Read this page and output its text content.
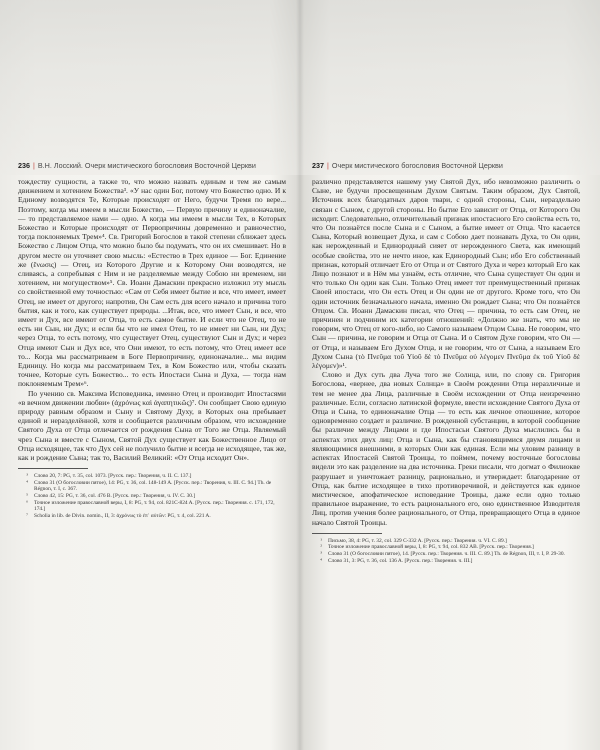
236 | В.Н. Лосский. Очерк мистического богословия Восточной Церкви

тождеству сущности, а также то, что можно назвать единым и тем же самым движением и хотением Божества³. «У нас один Бог, потому что Божество одно. И к Единому возводятся Те, Которые происходят от Него, будучи Тремя по вере... Поэтому, когда мы имеем в мысли Божество, — Первую причину и единоначалие, — то представляемое нами — одно. А когда мы имеем в мысли Тех, в Которых Божество и Которые происходят от Первопричины довременно и равночестно, тогда поклоняемых Трем»⁴. Св. Григорий Богослов в такой степени сближает здесь Божество с Лицом Отца, что можно было бы подумать, что он их смешивает. Но в другом месте он уточняет свою мысль: «Естество в Трех единое — Бог. Единение же (ἕνωσις) — Отец, из Которого Другие и к Которому Они возводятся, не сливаясь, а сопребывая с Ним и не разделяемые между Собою ни временем, ни хотением, ни могуществом»⁵. Св. Иоанн Дамаскин прекрасно изложил эту мысль со свойственной ему точностью: «Сам от Себя имеет бытие и все, что имеет, имеет Отец, не имеет от другого; напротив, Он Сам есть для всего начало и причина того бытия, как и того, как существует природы. ...Итак, все, что имеет Сын, и все, что имеет и Дух, все имеют от Отца, то есть самое бытие. И если что не Отец, то не есть ни Сын, ни Дух; и если бы что не имел Отец, то не имеет ни Сын, ни Дух; через Отца, то есть потому, что существует Отец, существуют Сын и Дух; и через Отца имеют Сын и Дух все, что Они имеют, то есть потому, что Отец имеет все то... Когда мы рассматриваем в Боге Первопричину, единоначалие... мы видим Единицу. Но когда мы рассматриваем Тех, в Ком Божество или, чтобы сказать точнее, Которые суть Божество... то есть Ипостаси Сына и Духа, — тогда нам поклоняемым Трем»⁶.

По учению св. Максима Исповедника, именно Отец и производит Ипостасями «в вечном движении любви» (ἀχρόνως καὶ ἀγαπητικῶς)⁷. Он сообщает Свою единую природу равным образом и Сыну и Святому Духу, в Которых она пребывает единой и неразделённой, хотя и сообщается различным образом, что исхождение Святого Духа от Отца отличается от рождения Сына от Того же Отца. Являемый чрез Сына и вместе с Сыном, Святой Дух существует как Божественное Лицо от Отца исходящее, так что Дух сей не получило бытие и всегда не исходящее, так же, как и рождение Сына; так то, Василий Великий: «От Отца исходит Он».

³ Слово 20, 7: PG, т. 35, col. 1073. [Русск. пер.: Творения, ч. II. С. 137.]
⁴ Слово 31 (О богословии пятое), 14: PG, т. 36, col. 148-149 A. [Русск. пер.: Творения, ч. III. С. 94.] Th. de Régnon, т. I, с. 367.
⁵ Слово 42, 15: PG, т. 36, col. 476 B. [Русск. пер.: Творения, ч. IV. С. 30.]
⁶ Точное изложение православной веры, I, 8: PG, т. 94, col. 821C-824 A. [Русск. пер.: Творения. с. 171, 172, 174.]
⁷ Scholia in lib. de Divin. nomin., II, 3: ἀχρόνως τὸ ἐπ᾽ αὐτῶν: PG, т. 4, col. 221 A.
237 | Очерк мистического богословия Восточной Церкви

различно представляется нашему уму Святой Дух, ибо невозможно различить о Сыне, не будучи просвещенным Духом Святым. Таким образом, Дух Святой, Источник всех благодатных даров твари, с одной стороны, Сын, нераздельно связан с Сыном, с другой стороны. Но бытие Его зависит от Отца, от Которого Он исходит. Следовательно, отличительный признак ипостасного Его свойства есть то, что Он познаётся после Сына и с Сыном, а бытие имеет от Отца. Что касается Сына, Который возвещает Духа, и сам с Собою дает познавать Духа, то Он один, как нерожденный и Единородный сияет от нерожденного Света, как имеющий особые свойства, это не нечто иное, как Единородный Сын; ибо Его собственный признак, который отличает Его от Отца и от Святого Духа и через который Его как Лицо познают и в Нём мы узнаём, есть отличие, что Сына существует Он один и что только Он один как Сын. Только Отец имеет тот преимущественный признак Своей ипостаси, что Он есть Отец и Он один не от другого. Кроме того, что Он один источник безначального начала, именно Он рождает Сына; что Он познаётся Отцом. Св. Иоанн Дамаскин писал, что Отец — причина, то есть сам Отец, не причинен и подчиним их категории отношений: «Должно же знать, что мы не говорим, что Отец от кого-либо, но Самого называем Отцом Сына. Не говорим, что Сын — причина, не говорим и Отца от Сына. И о Святом Духе говорим, что Он — от Отца, и называем Его Духом Отца, и не говорим, что от Сына, а называем Его Духом Сына (τὸ Πνεῦμα τοῦ Υἱοῦ δὲ τὸ Πνεῦμα οὐ λέγομεν Πνεῦμα ἐκ τοῦ Υἱοῦ δὲ λέγομεν)»¹.

Слово и Дух суть два Луча того же Солнца, или, по слову св. Григория Богослова, «вернее, два новых Солнца» в Своём рождении Отца неразличные и тем не менее два Лица, различные в Своём исхождении от Отца неизреченно различные. Если, согласно латинской формуле, ввести исхождение Святого Духа от Отца и Сына, то единоначалие Отца — то есть как личное отношение, которое одновременно создает и различие. В рожденной субстанции, в которой сообщение бы различие между Лицами и где Ипостасьи Святого Духа мыслились бы в аспектах этих двух лиц: Отца и Сына, как бы становящимися двумя лицами и являющимися внешними, в которых Они как единая. Если мы уловим разницу в аспектах Ипостасей Святой Троицы, то поймем, почему восточные богословы видели это как разделение на два источника. Греки писали, что догмат о Филиокве разрушает и уничтожает разницу, рационально, и утверждает: благодарение от Отца, как бытие исходящее в тихо противоречивой, и действуется как единое мистическое, апофатическое исповедание Троицы, даже если одно только правильное выражение, то есть рационального его, оно единственное Изводителя Лиц, против учения более рационального, от Отца, превращающего Отца в единое начало Святой Троицы.

¹ Письмо, 38, 4: PG, т. 32, col. 329 C-332 A. [Русск. пер.: Творения. ч. VI. С. 89.]
² Точное изложение православной веры, I, 8: PG, т. 94, col. 832 AB. [Русск. пер.: Творения.]
³ Слово 31 (О богословии пятое), 14. [Русск. пер.: Творения. ч. III. С. 89.] Th. de Régnon, III, т. I, Р. 29-30.
⁴ Слово 31, 3: PG, т. 36, col. 136 A. [Русск. пер.: Творения. ч. III.]
